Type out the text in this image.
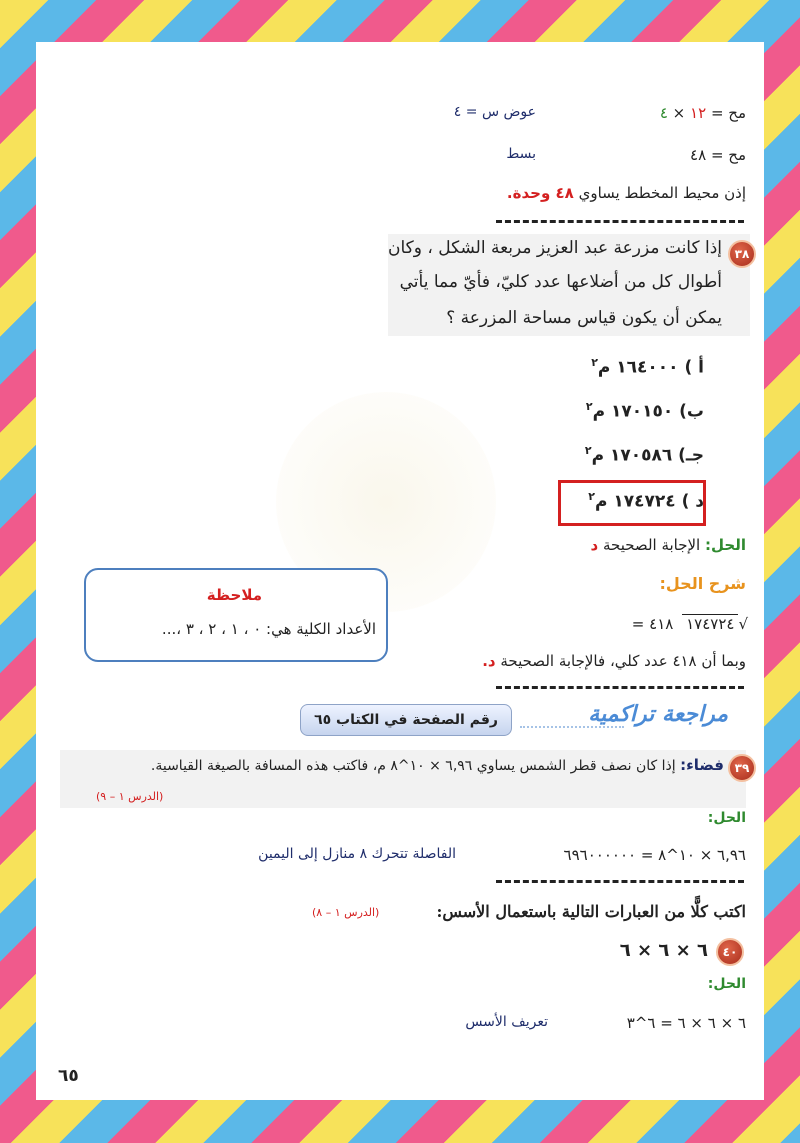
مح = ١٢ × ٤
عوض س = ٤
مح = ٤٨
بسط
إذن محيط المخطط يساوي ٤٨ وحدة.
٣٨
إذا كانت مزرعة عبد العزيز مربعة الشكل ، وكان
أطوال كل من أضلاعها عدد كليّ، فأيّ مما يأتي
يمكن أن يكون قياس مساحة المزرعة ؟
أ ) ١٦٤٠٠٠ م$^٢$
ب) ١٧٠١٥٠ م$^٢$
جـ) ١٧٠٥٨٦ م$^٢$
د ) ١٧٤٧٢٤ م$^٢$
الحل: الإجابة الصحيحة د
شرح الحل:
= ٤١٨ ١٧٤٧٢٤ √
وبما أن ٤١٨ عدد كلي، فالإجابة الصحيحة د.
ملاحظة
الأعداد الكلية هي: ٠ ، ١ ، ٢ ، ٣ ،...
مراجعة تراكمية
رقم الصفحة في الكتاب ٦٥
٣٩
فضاء: إذا كان نصف قطر الشمس يساوي ٦,٩٦ × ١٠^٨ م، فاكتب هذه المسافة بالصيغة القياسية.
(الدرس ١ – ٩)
الحل:
٦,٩٦ × ١٠^٨ = ٦٩٦٠٠٠٠٠٠
الفاصلة تتحرك ٨ منازل إلى اليمين
اكتب كلًّا من العبارات التالية باستعمال الأسس:
(الدرس ١ – ٨)
٤٠
٦ × ٦ × ٦
الحل:
٦ × ٦ × ٦ = ٦^٣
تعريف الأسس
٦٥
